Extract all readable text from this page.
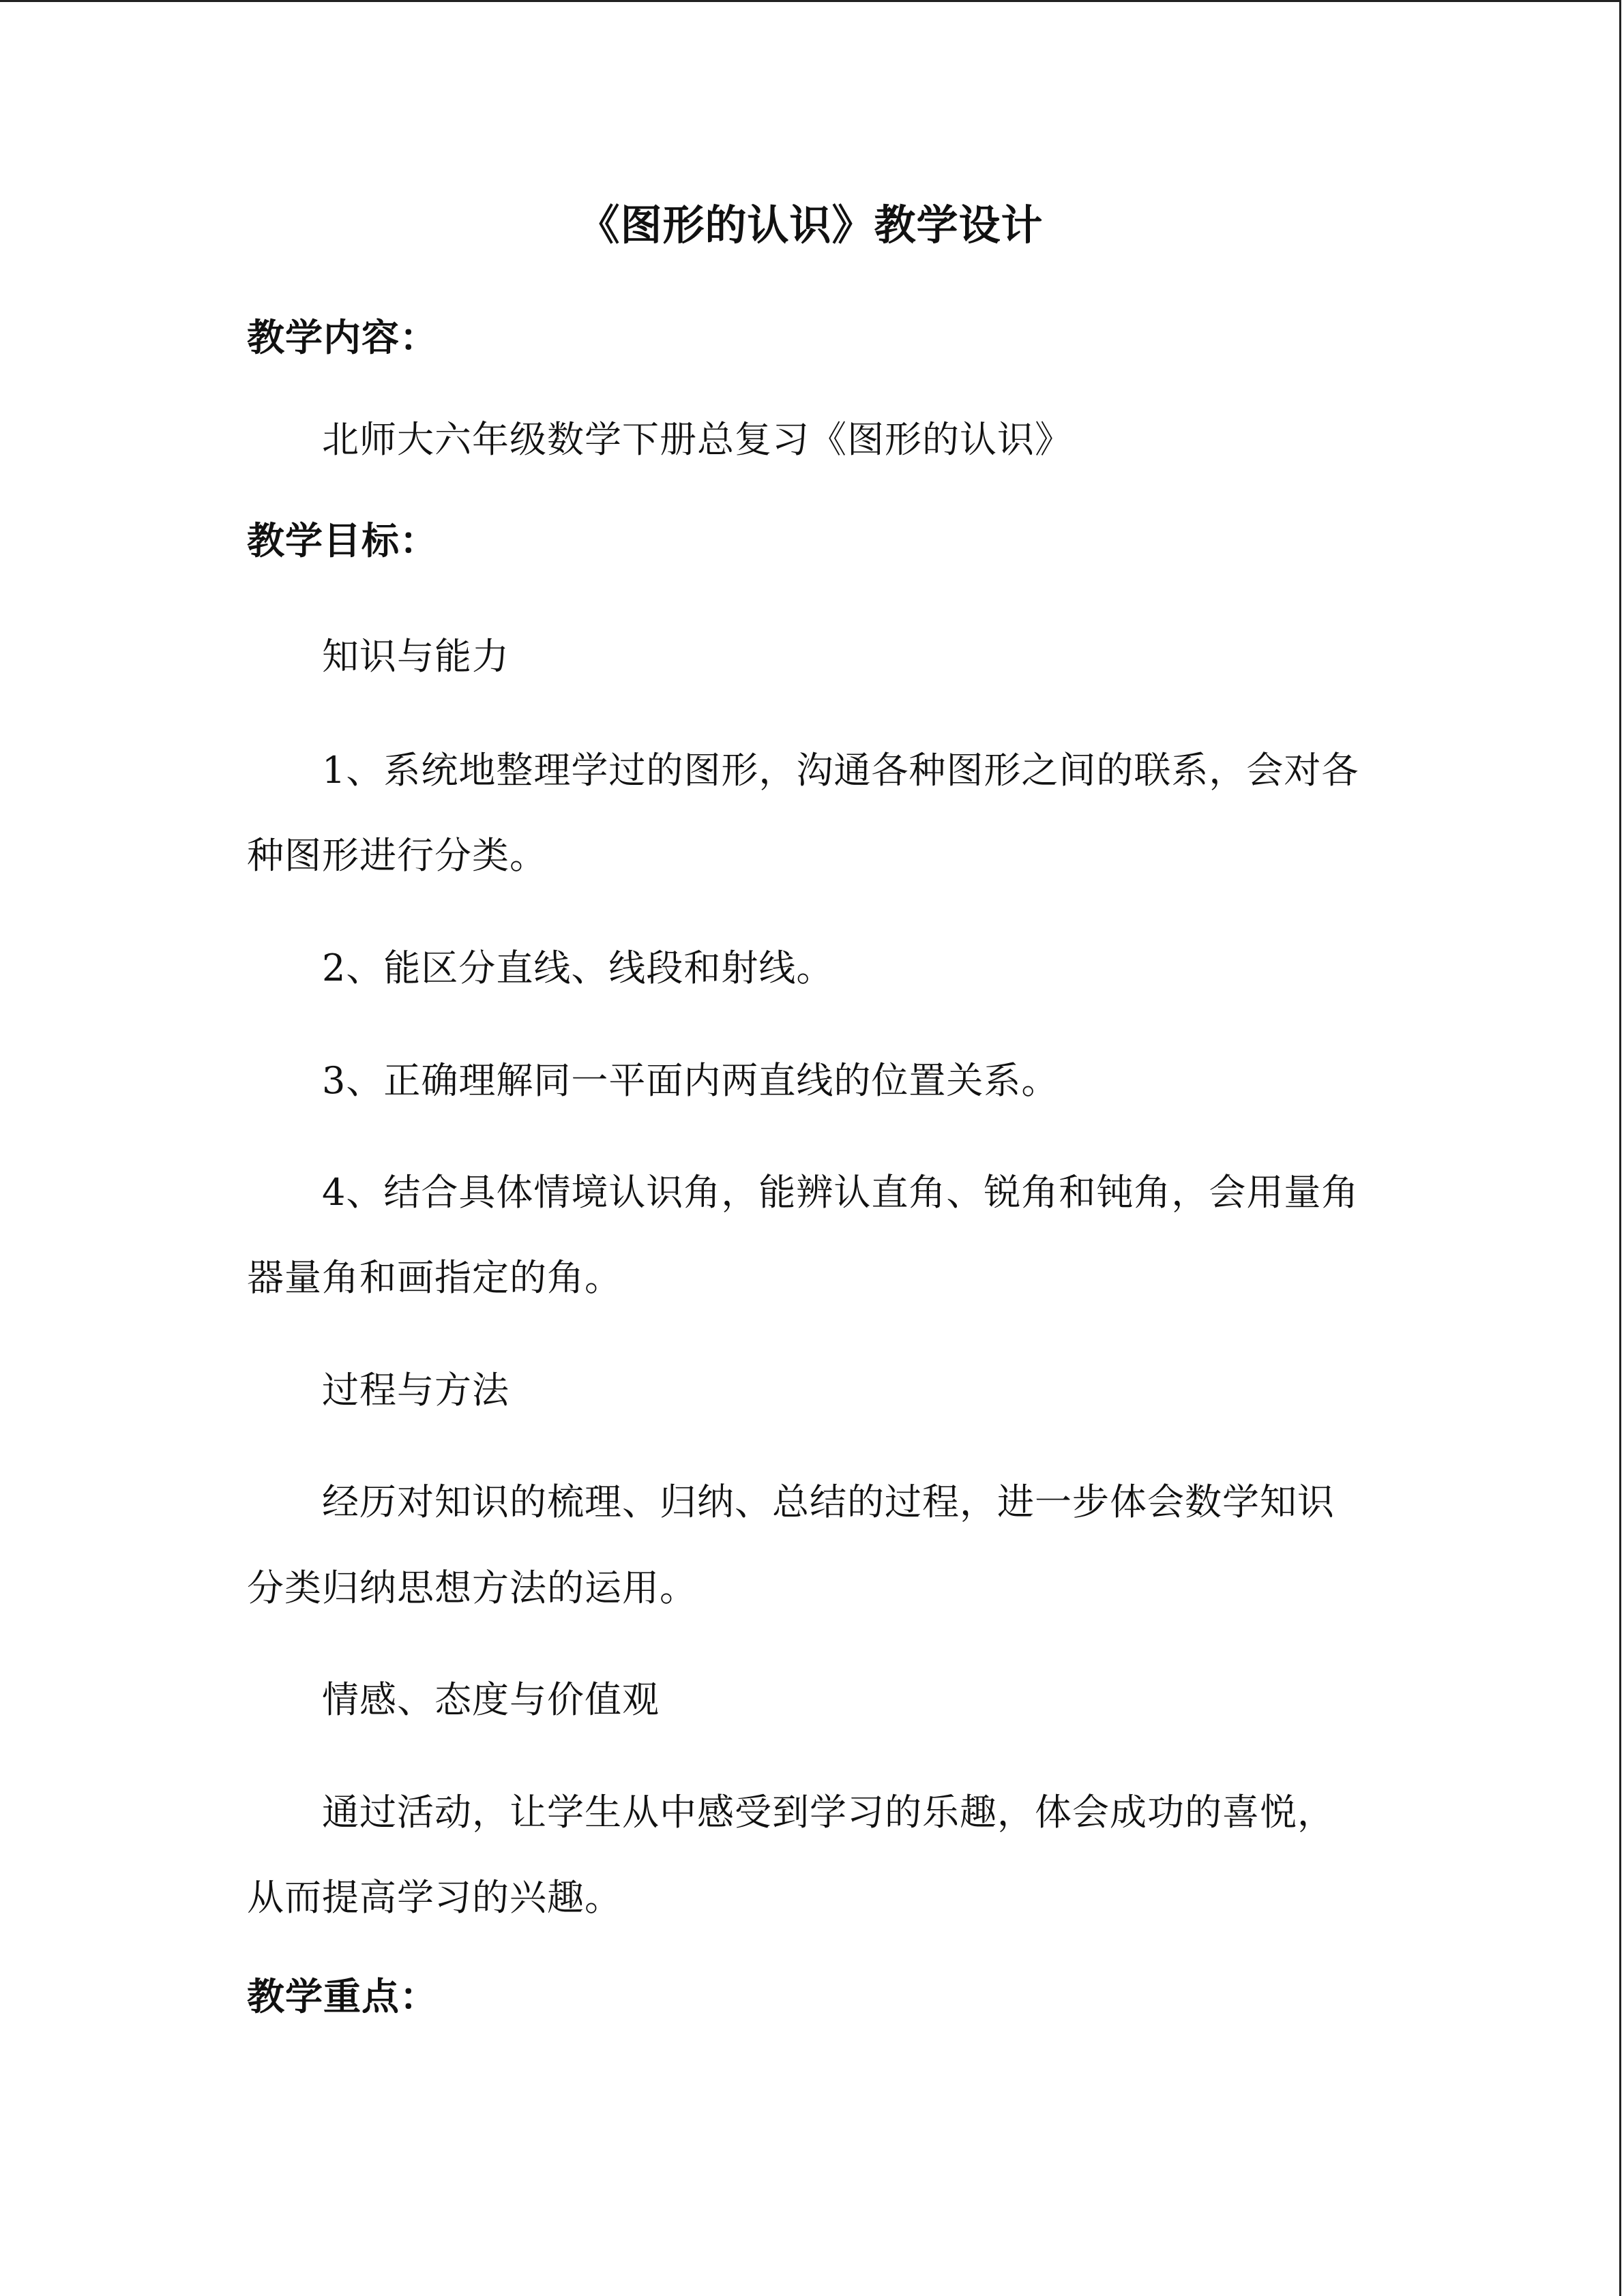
《图形的认识》教学设计
教学内容：
北师大六年级数学下册总复习《图形的认识》
教学目标：
知识与能力
1、系统地整理学过的图形，沟通各种图形之间的联系，会对各
种图形进行分类。
2、能区分直线、线段和射线。
3、正确理解同一平面内两直线的位置关系。
4、结合具体情境认识角，能辨认直角、锐角和钝角，会用量角
器量角和画指定的角。
过程与方法
经历对知识的梳理、归纳、总结的过程，进一步体会数学知识
分类归纳思想方法的运用。
情感、态度与价值观
通过活动，让学生从中感受到学习的乐趣，体会成功的喜悦，
从而提高学习的兴趣。
教学重点：
